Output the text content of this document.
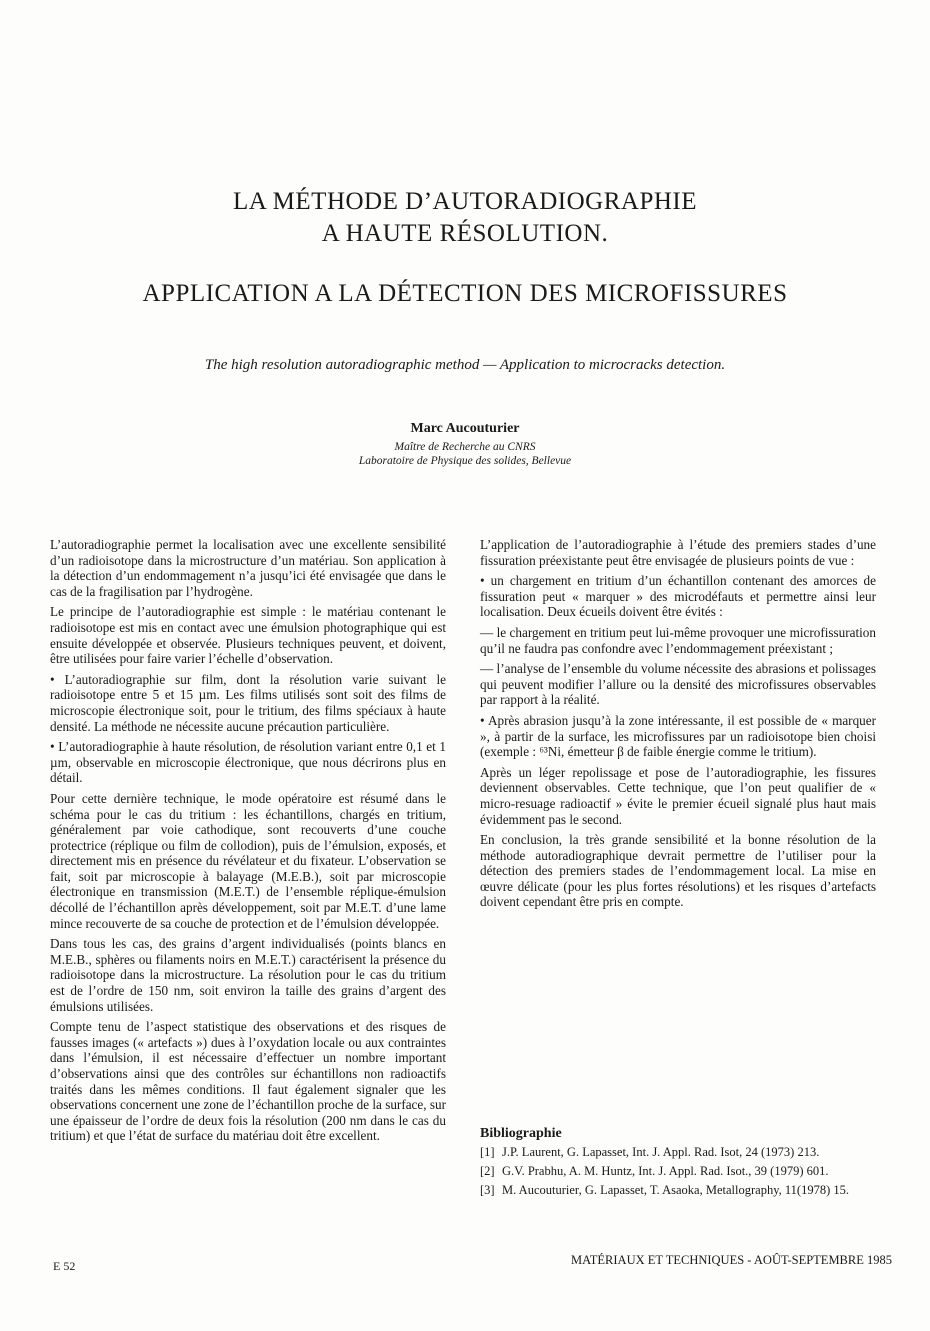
LA MÉTHODE D’AUTORADIOGRAPHIE
A HAUTE RÉSOLUTION.
APPLICATION A LA DÉTECTION DES MICROFISSURES
The high resolution autoradiographic method — Application to microcracks detection.
Marc Aucouturier
Maître de Recherche au CNRS
Laboratoire de Physique des solides, Bellevue

L’autoradiographie permet la localisation avec une excellente sensibilité d’un radioisotope dans la microstructure d’un matériau. Son application à la détection d’un endommagement n’a jusqu’ici été envisagée que dans le cas de la fragilisation par l’hydrogène.

Le principe de l’autoradiographie est simple : le matériau contenant le radioisotope est mis en contact avec une émulsion photographique qui est ensuite développée et observée. Plusieurs techniques peuvent, et doivent, être utilisées pour faire varier l’échelle d’observation.

• L’autoradiographie sur film, dont la résolution varie suivant le radioisotope entre 5 et 15 µm. Les films utilisés sont soit des films de microscopie électronique soit, pour le tritium, des films spéciaux à haute densité. La méthode ne nécessite aucune précaution particulière.

• L’autoradiographie à haute résolution, de résolution variant entre 0,1 et 1 µm, observable en microscopie électronique, que nous décrirons plus en détail.

Pour cette dernière technique, le mode opératoire est résumé dans le schéma pour le cas du tritium : les échantillons, chargés en tritium, généralement par voie cathodique, sont recouverts d’une couche protectrice (réplique ou film de collodion), puis de l’émulsion, exposés, et directement mis en présence du révélateur et du fixateur. L’observation se fait, soit par microscopie à balayage (M.E.B.), soit par microscopie électronique en transmission (M.E.T.) de l’ensemble réplique-émulsion décollé de l’échantillon après développement, soit par M.E.T. d’une lame mince recouverte de sa couche de protection et de l’émulsion développée.

Dans tous les cas, des grains d’argent individualisés (points blancs en M.E.B., sphères ou filaments noirs en M.E.T.) caractérisent la présence du radioisotope dans la microstructure. La résolution pour le cas du tritium est de l’ordre de 150 nm, soit environ la taille des grains d’argent des émulsions utilisées.

Compte tenu de l’aspect statistique des observations et des risques de fausses images (« artefacts ») dues à l’oxydation locale ou aux contraintes dans l’émulsion, il est nécessaire d’effectuer un nombre important d’observations ainsi que des contrôles sur échantillons non radioactifs traités dans les mêmes conditions. Il faut également signaler que les observations concernent une zone de l’échantillon proche de la surface, sur une épaisseur de l’ordre de deux fois la résolution (200 nm dans le cas du tritium) et que l’état de surface du matériau doit être excellent.

L’application de l’autoradiographie à l’étude des premiers stades d’une fissuration préexistante peut être envisagée de plusieurs points de vue :

• un chargement en tritium d’un échantillon contenant des amorces de fissuration peut « marquer » des microdéfauts et permettre ainsi leur localisation. Deux écueils doivent être évités :

— le chargement en tritium peut lui-même provoquer une microfissuration qu’il ne faudra pas confondre avec l’endommagement préexistant ;

— l’analyse de l’ensemble du volume nécessite des abrasions et polissages qui peuvent modifier l’allure ou la densité des microfissures observables par rapport à la réalité.

• Après abrasion jusqu’à la zone intéressante, il est possible de « marquer », à partir de la surface, les microfissures par un radioisotope bien choisi (exemple : ⁶³Ni, émetteur β de faible énergie comme le tritium).

Après un léger repolissage et pose de l’autoradiographie, les fissures deviennent observables. Cette technique, que l’on peut qualifier de « micro-resuage radioactif » évite le premier écueil signalé plus haut mais évidemment pas le second.

En conclusion, la très grande sensibilité et la bonne résolution de la méthode autoradiographique devrait permettre de l’utiliser pour la détection des premiers stades de l’endommagement local. La mise en œuvre délicate (pour les plus fortes résolutions) et les risques d’artefacts doivent cependant être pris en compte.

Bibliographie
[1] J.P. Laurent, G. Lapasset, Int. J. Appl. Rad. Isot, 24 (1973) 213.
[2] G.V. Prabhu, A. M. Huntz, Int. J. Appl. Rad. Isot., 39 (1979) 601.
[3] M. Aucouturier, G. Lapasset, T. Asaoka, Metallography, 11(1978) 15.
E 52	MATÉRIAUX ET TECHNIQUES - AOÛT-SEPTEMBRE 1985
